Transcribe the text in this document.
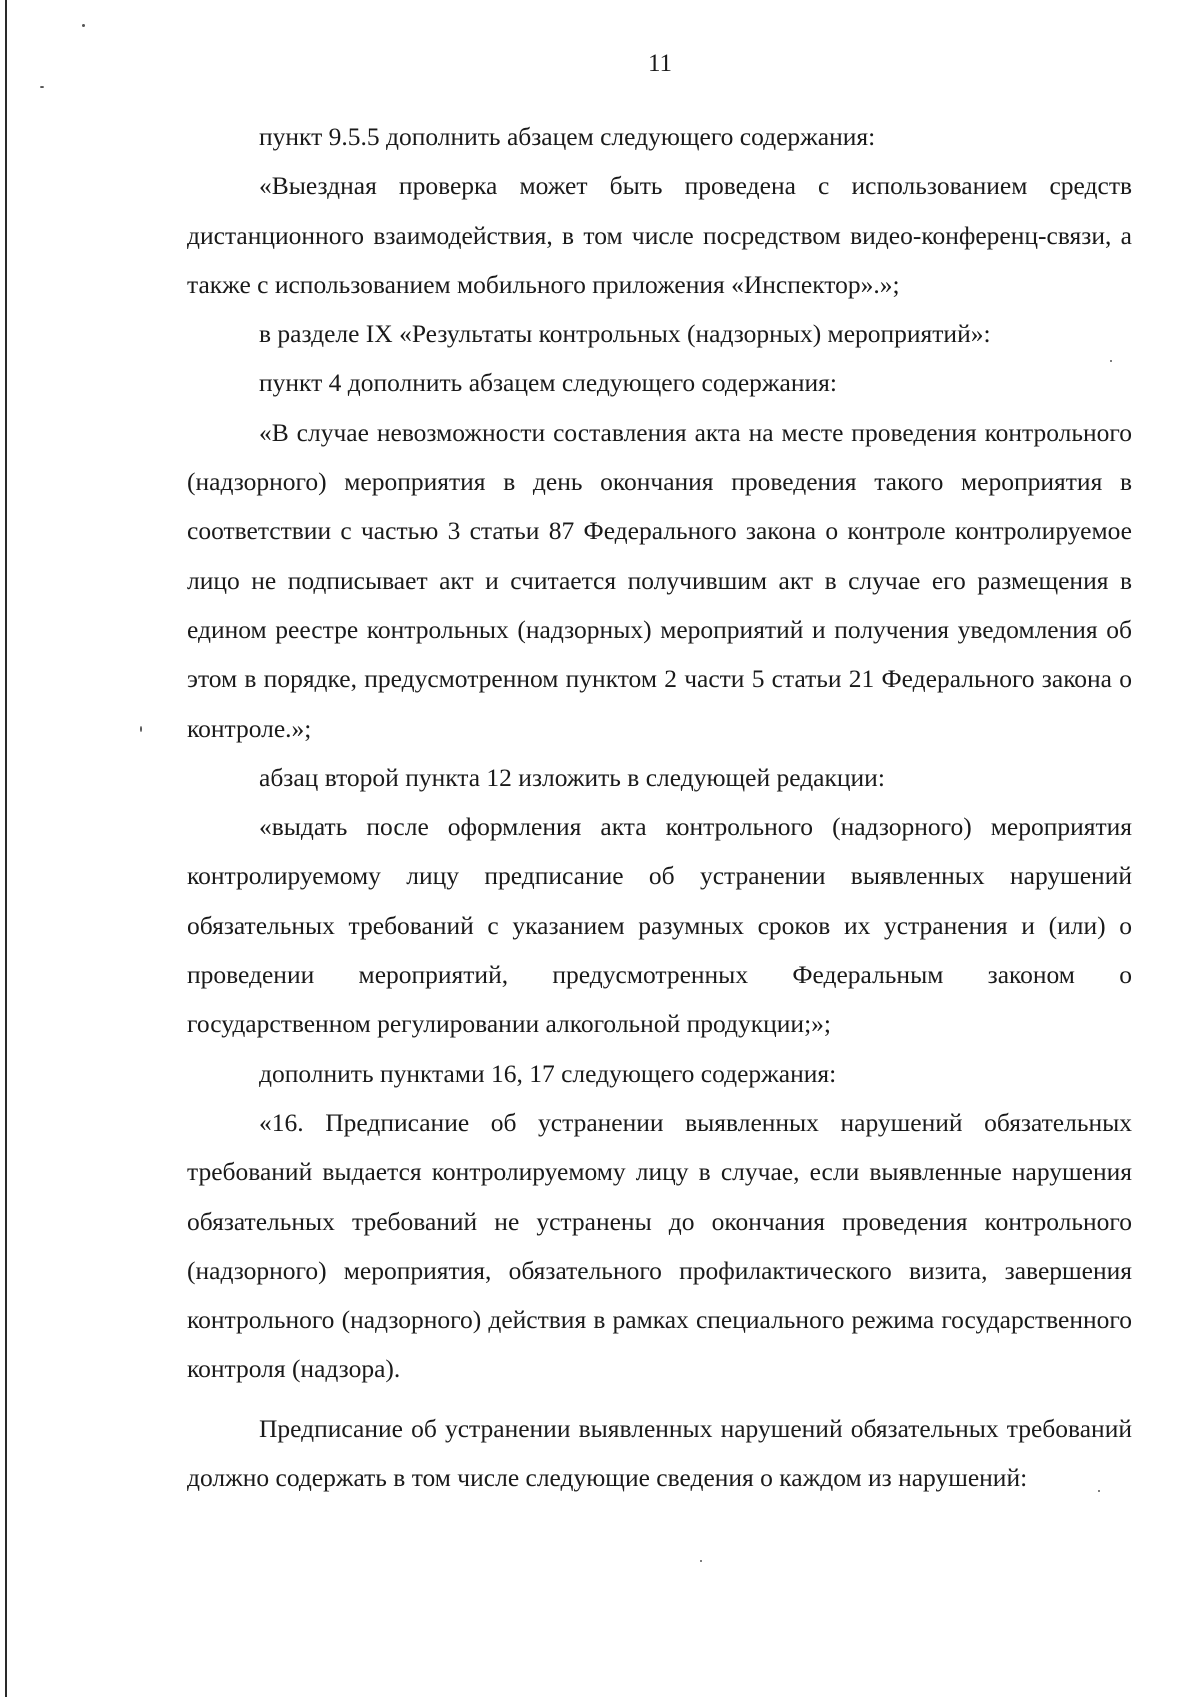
11

пункт 9.5.5 дополнить абзацем следующего содержания:

«Выездная проверка может быть проведена с использованием средств дистанционного взаимодействия, в том числе посредством видео-конференц-связи, а также с использованием мобильного приложения «Инспектор».»;

в разделе IX «Результаты контрольных (надзорных) мероприятий»:

пункт 4 дополнить абзацем следующего содержания:

«В случае невозможности составления акта на месте проведения контрольного (надзорного) мероприятия в день окончания проведения такого мероприятия в соответствии с частью 3 статьи 87 Федерального закона о контроле контролируемое лицо не подписывает акт и считается получившим акт в случае его размещения в едином реестре контрольных (надзорных) мероприятий и получения уведомления об этом в порядке, предусмотренном пунктом 2 части 5 статьи 21 Федерального закона о контроле.»;

абзац второй пункта 12 изложить в следующей редакции:

«выдать после оформления акта контрольного (надзорного) мероприятия контролируемому лицу предписание об устранении выявленных нарушений обязательных требований с указанием разумных сроков их устранения и (или) о проведении мероприятий, предусмотренных Федеральным законом о государственном регулировании алкогольной продукции;»;

дополнить пунктами 16, 17 следующего содержания:

«16. Предписание об устранении выявленных нарушений обязательных требований выдается контролируемому лицу в случае, если выявленные нарушения обязательных требований не устранены до окончания проведения контрольного (надзорного) мероприятия, обязательного профилактического визита, завершения контрольного (надзорного) действия в рамках специального режима государственного контроля (надзора).

Предписание об устранении выявленных нарушений обязательных требований должно содержать в том числе следующие сведения о каждом из нарушений:
